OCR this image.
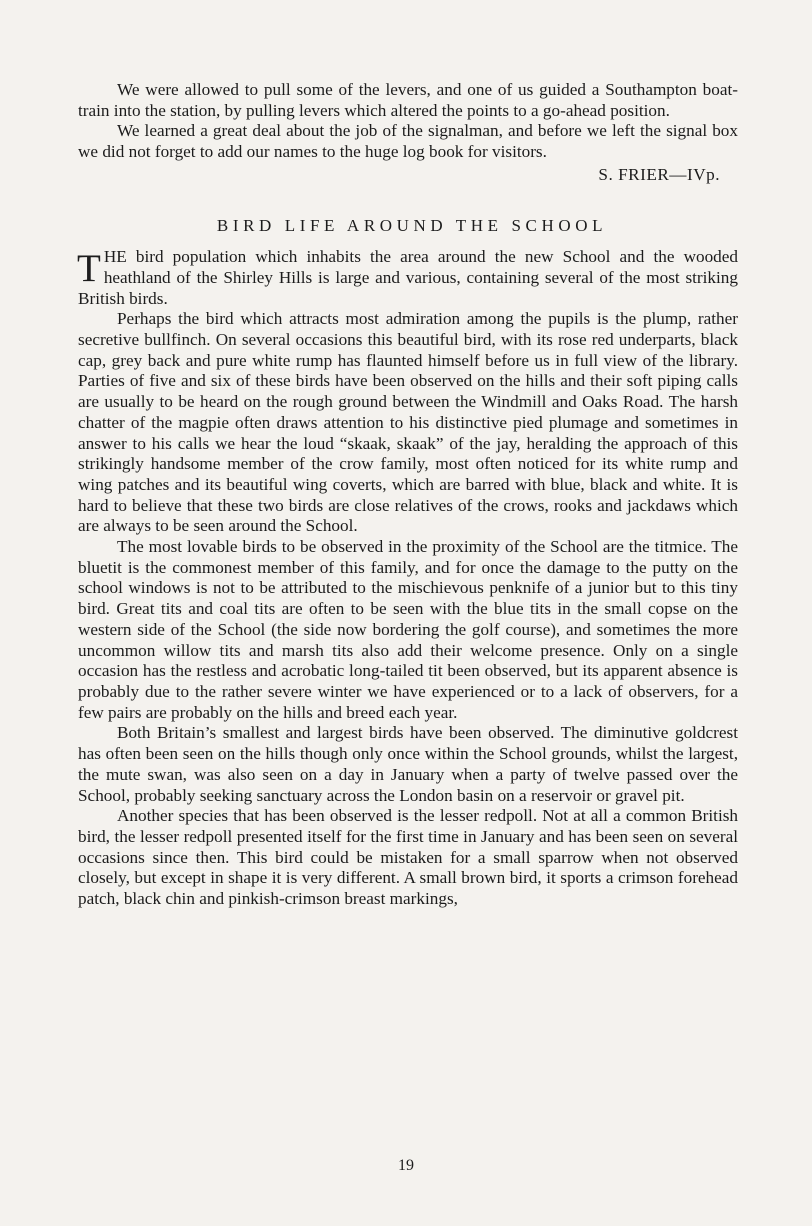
We were allowed to pull some of the levers, and one of us guided a Southampton boat-train into the station, by pulling levers which altered the points to a go-ahead position.

We learned a great deal about the job of the signalman, and before we left the signal box we did not forget to add our names to the huge log book for visitors.

S. FRIER—IVp.

BIRD LIFE AROUND THE SCHOOL

THE bird population which inhabits the area around the new School and the wooded heathland of the Shirley Hills is large and various, containing several of the most striking British birds.

Perhaps the bird which attracts most admiration among the pupils is the plump, rather secretive bullfinch. On several occasions this beautiful bird, with its rose red underparts, black cap, grey back and pure white rump has flaunted himself before us in full view of the library. Parties of five and six of these birds have been observed on the hills and their soft piping calls are usually to be heard on the rough ground between the Windmill and Oaks Road. The harsh chatter of the magpie often draws attention to his distinctive pied plumage and sometimes in answer to his calls we hear the loud “skaak, skaak” of the jay, heralding the approach of this strikingly handsome member of the crow family, most often noticed for its white rump and wing patches and its beautiful wing coverts, which are barred with blue, black and white. It is hard to believe that these two birds are close relatives of the crows, rooks and jackdaws which are always to be seen around the School.

The most lovable birds to be observed in the proximity of the School are the titmice. The bluetit is the commonest member of this family, and for once the damage to the putty on the school windows is not to be attributed to the mischievous penknife of a junior but to this tiny bird. Great tits and coal tits are often to be seen with the blue tits in the small copse on the western side of the School (the side now bordering the golf course), and sometimes the more uncommon willow tits and marsh tits also add their welcome presence. Only on a single occasion has the restless and acrobatic long-tailed tit been observed, but its apparent absence is probably due to the rather severe winter we have experienced or to a lack of observers, for a few pairs are probably on the hills and breed each year.

Both Britain’s smallest and largest birds have been observed. The diminutive goldcrest has often been seen on the hills though only once within the School grounds, whilst the largest, the mute swan, was also seen on a day in January when a party of twelve passed over the School, probably seeking sanctuary across the London basin on a reservoir or gravel pit.

Another species that has been observed is the lesser redpoll. Not at all a common British bird, the lesser redpoll presented itself for the first time in January and has been seen on several occasions since then. This bird could be mistaken for a small sparrow when not observed closely, but except in shape it is very different. A small brown bird, it sports a crimson forehead patch, black chin and pinkish-crimson breast markings,

19
